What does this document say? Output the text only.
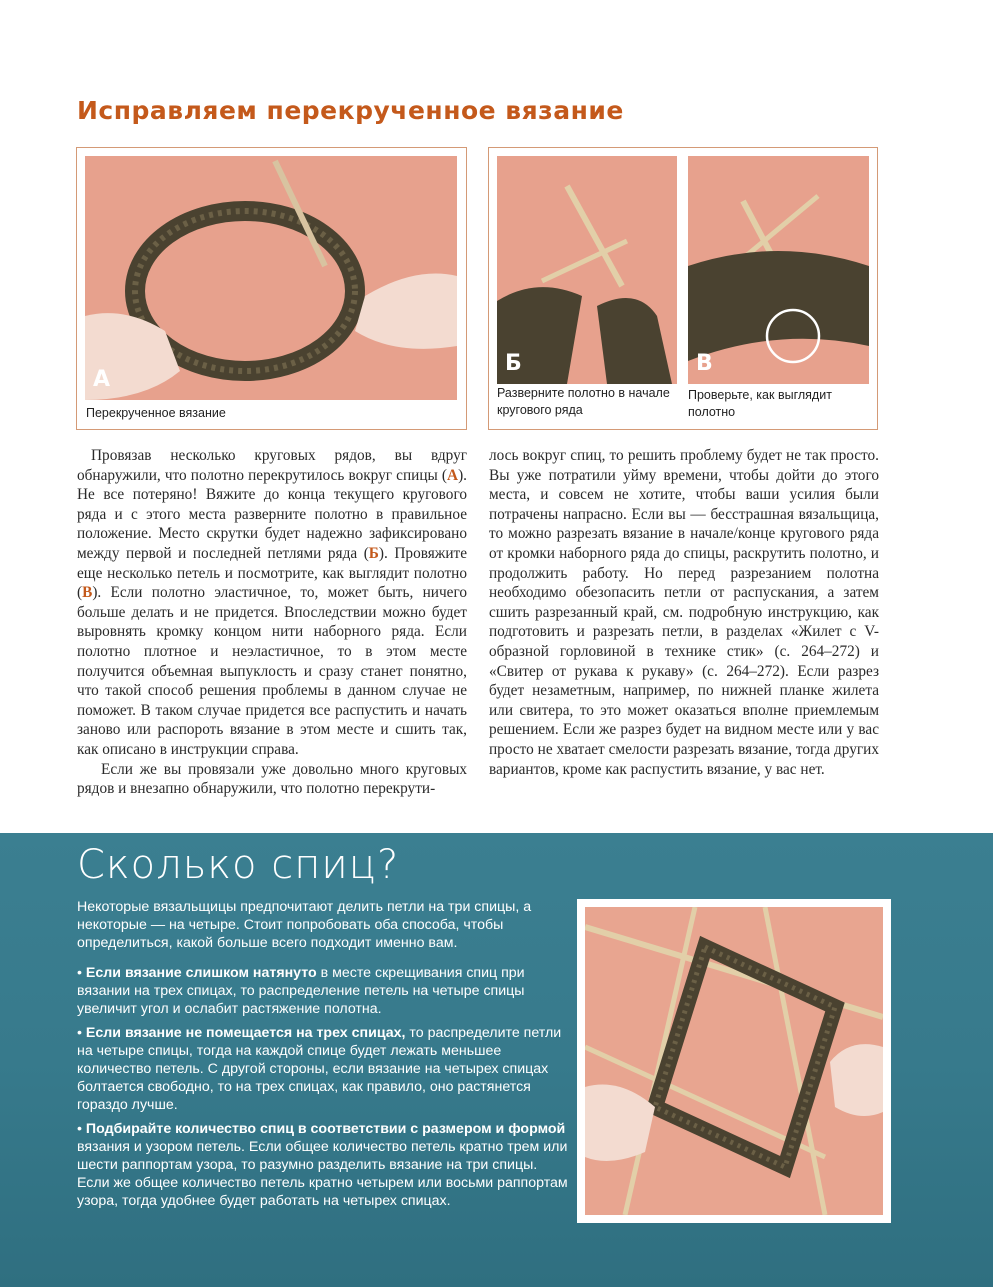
Исправляем перекрученное вязание
А
Перекрученное вязание
Б
Разверните полотно в начале кругового ряда
В
Проверьте, как выглядит полотно

Провязав несколько круговых рядов, вы вдруг обнаружили, что полотно перекрутилось вокруг спицы (А). Не все потеряно! Вяжите до конца текущего кругового ряда и с этого места разверните полотно в правильное положение. Место скрутки будет надежно зафиксировано между первой и последней петлями ряда (Б). Провяжите еще несколько петель и посмотрите, как выглядит полотно (В). Если полотно эластичное, то, может быть, ничего больше делать и не придется. Впоследствии можно будет выровнять кромку концом нити наборного ряда. Если полотно плотное и неэластичное, то в этом месте получится объемная выпуклость и сразу станет понятно, что такой способ решения проблемы в данном случае не поможет. В таком случае придется все распустить и начать заново или распороть вязание в этом месте и сшить так, как описано в инструкции справа.

Если же вы провязали уже довольно много круговых рядов и внезапно обнаружили, что полотно перекрути-

лось вокруг спиц, то решить проблему будет не так просто. Вы уже потратили уйму времени, чтобы дойти до этого места, и совсем не хотите, чтобы ваши усилия были потрачены напрасно. Если вы — бесстрашная вязальщица, то можно разрезать вязание в начале/конце кругового ряда от кромки наборного ряда до спицы, раскрутить полотно, и продолжить работу. Но перед разрезанием полотна необходимо обезопасить петли от распускания, а затем сшить разрезанный край, см. подробную инструкцию, как подготовить и разрезать петли, в разделах «Жилет с V-образной горловиной в технике стик» (с. 264–272) и «Свитер от рукава к рукаву» (с. 264–272). Если разрез будет незаметным, например, по нижней планке жилета или свитера, то это может оказаться вполне приемлемым решением. Если же разрез будет на видном месте или у вас просто не хватает смелости разрезать вязание, тогда других вариантов, кроме как распустить вязание, у вас нет.

Сколько спиц?

Некоторые вязальщицы предпочитают делить петли на три спицы, а некоторые — на четыре. Стоит попробовать оба способа, чтобы определиться, какой больше всего подходит именно вам.

• Если вязание слишком натянуто в месте скрещивания спиц при вязании на трех спицах, то распределение петель на четыре спицы увеличит угол и ослабит растяжение полотна.

• Если вязание не помещается на трех спицах, то распределите петли на четыре спицы, тогда на каждой спице будет лежать меньшее количество петель. С другой стороны, если вязание на четырех спицах болтается свободно, то на трех спицах, как правило, оно растянется гораздо лучше.

• Подбирайте количество спиц в соответствии с размером и формой вязания и узором петель. Если общее количество петель кратно трем или шести раппортам узора, то разумно разделить вязание на три спицы. Если же общее количество петель кратно четырем или восьми раппортам узора, тогда удобнее будет работать на четырех спицах.
